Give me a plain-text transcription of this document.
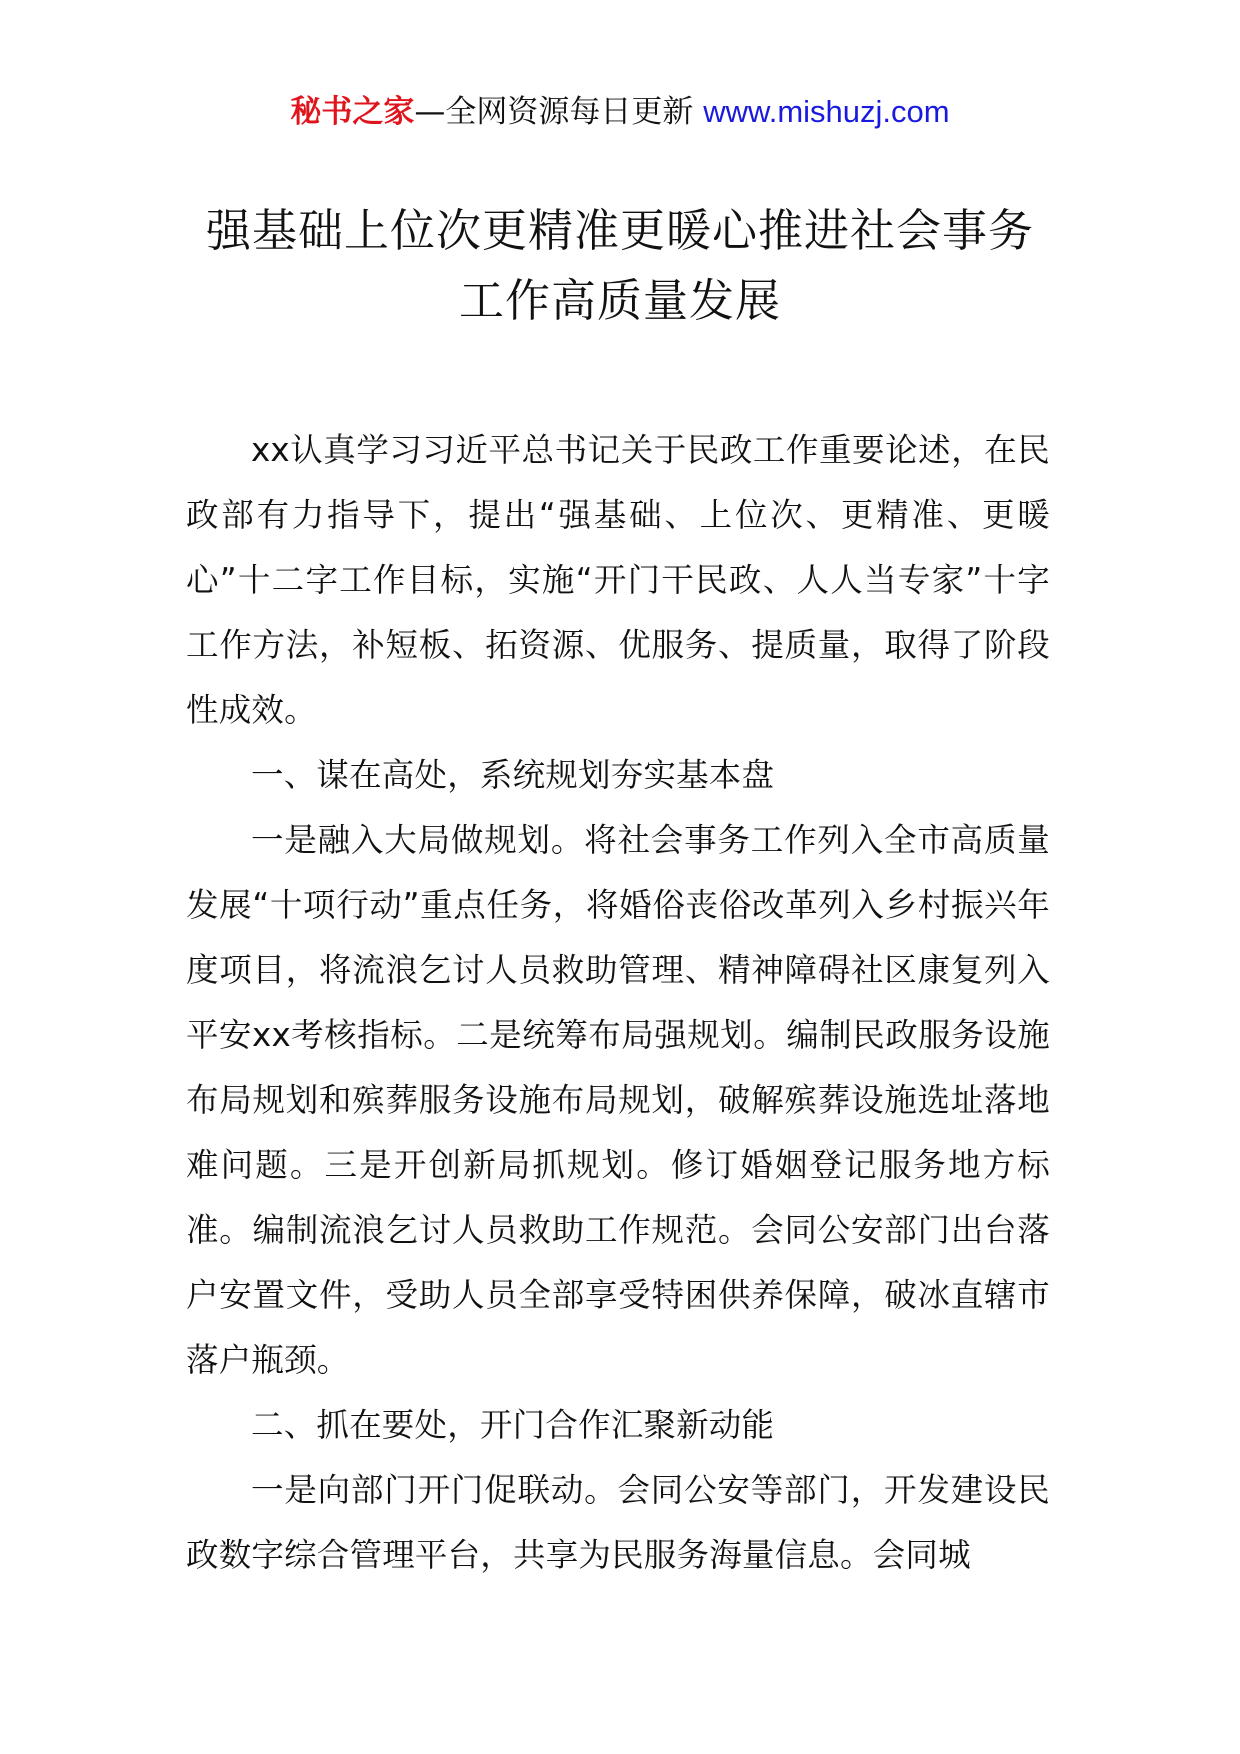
秘书之家—全网资源每日更新 www.mishuzj.com
强基础上位次更精准更暖心推进社会事务
工作高质量发展

xx认真学习习近平总书记关于民政工作重要论述，在民政部有力指导下，提出“强基础、上位次、更精准、更暖心”十二字工作目标，实施“开门干民政、人人当专家”十字工作方法，补短板、拓资源、优服务、提质量，取得了阶段性成效。

一、谋在高处，系统规划夯实基本盘

一是融入大局做规划。将社会事务工作列入全市高质量发展“十项行动”重点任务，将婚俗丧俗改革列入乡村振兴年度项目，将流浪乞讨人员救助管理、精神障碍社区康复列入平安xx考核指标。二是统筹布局强规划。编制民政服务设施布局规划和殡葬服务设施布局规划，破解殡葬设施选址落地难问题。三是开创新局抓规划。修订婚姻登记服务地方标准。编制流浪乞讨人员救助工作规范。会同公安部门出台落户安置文件，受助人员全部享受特困供养保障，破冰直辖市落户瓶颈。

二、抓在要处，开门合作汇聚新动能

一是向部门开门促联动。会同公安等部门，开发建设民政数字综合管理平台，共享为民服务海量信息。会同城
